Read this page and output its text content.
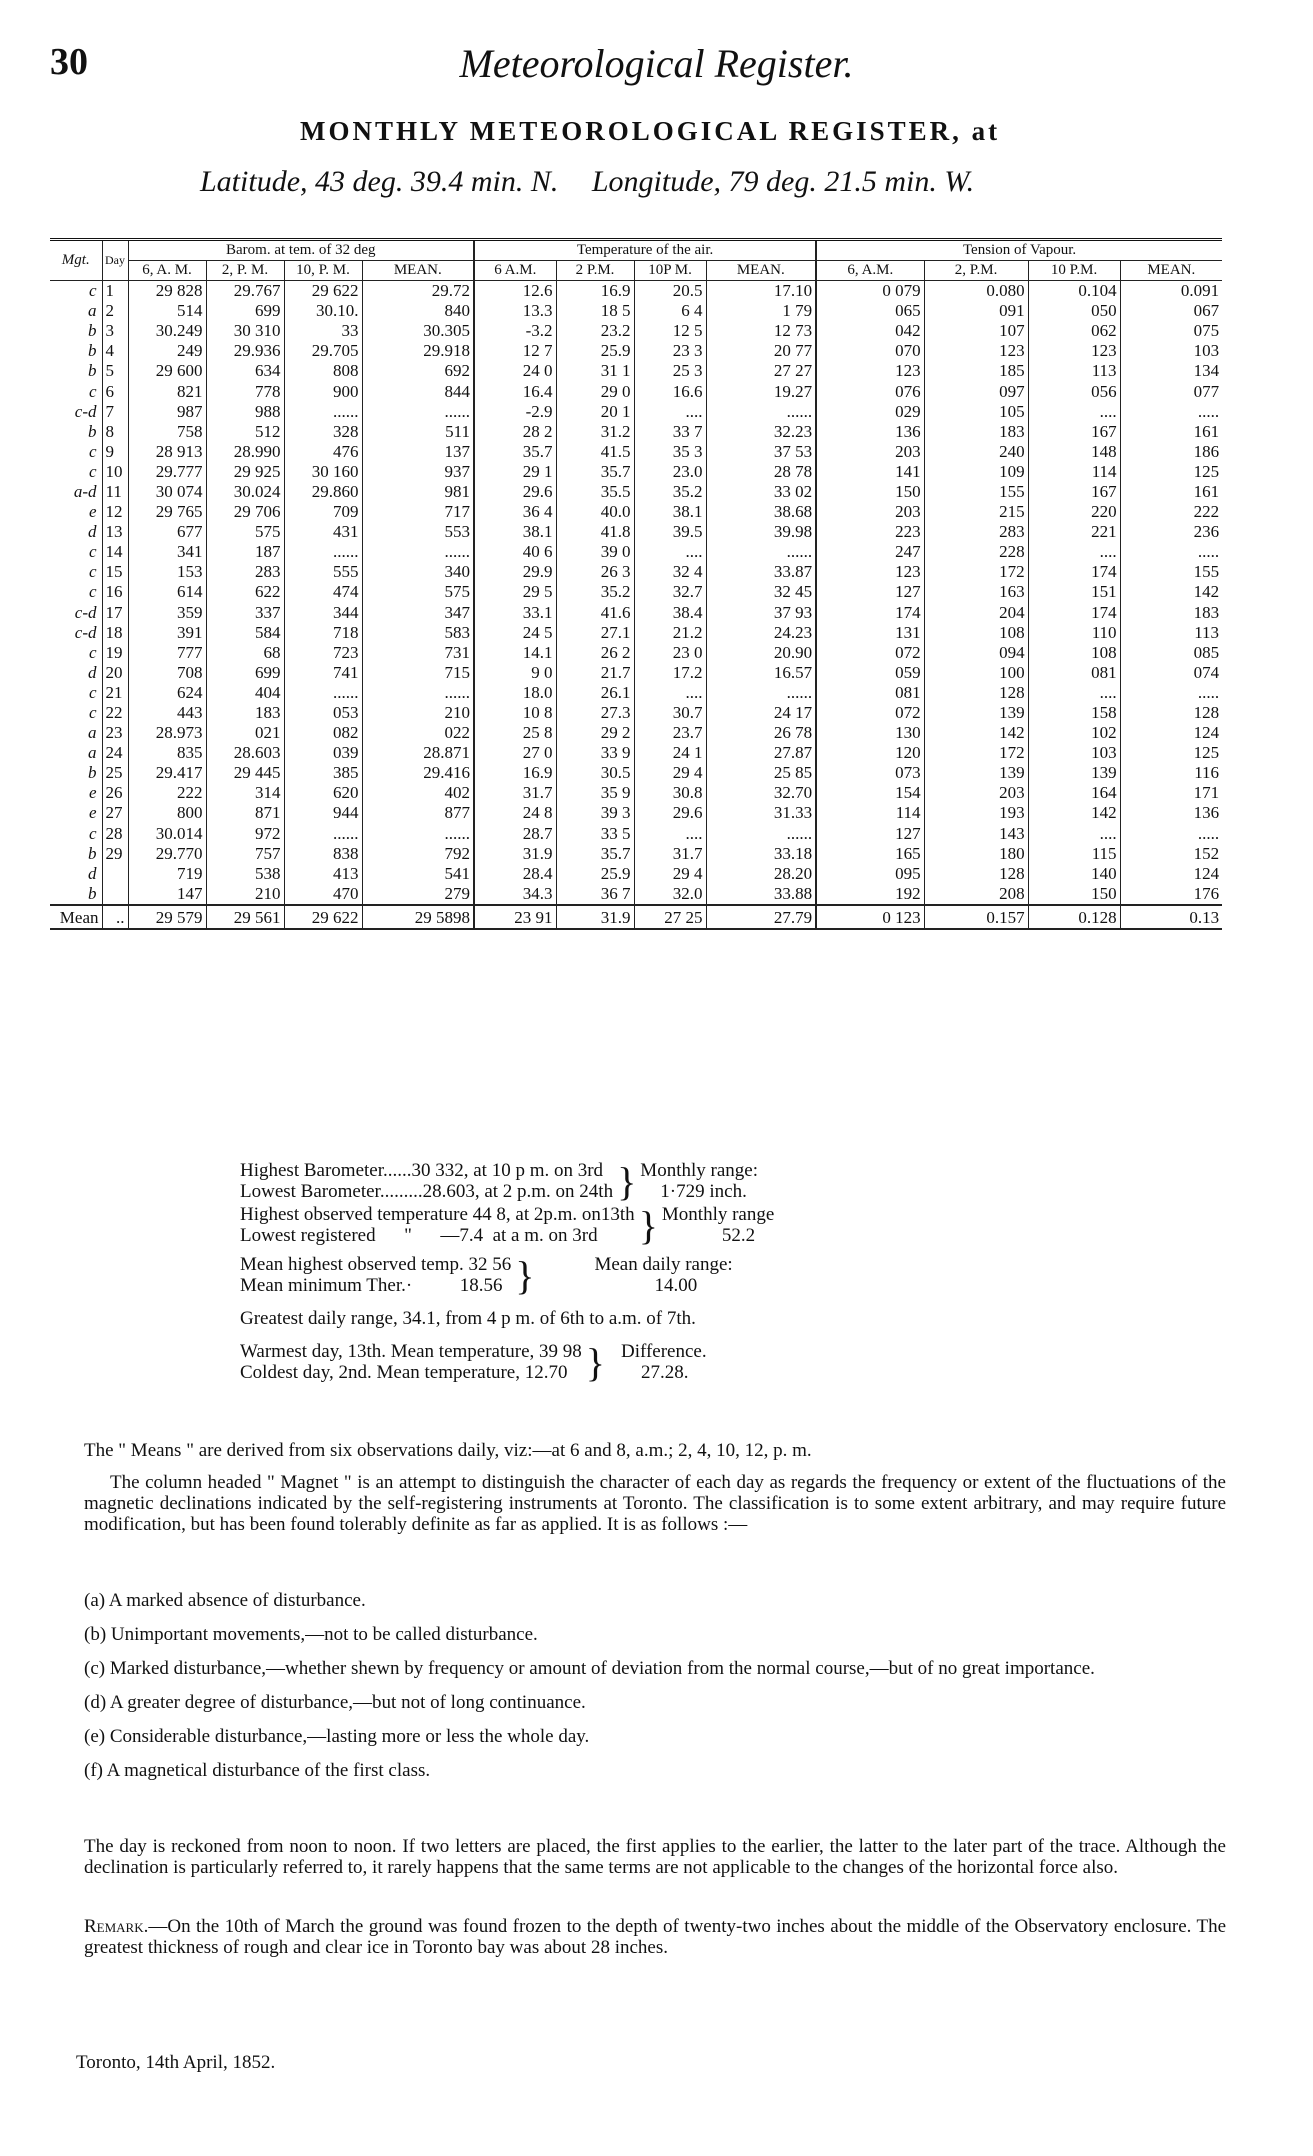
30	Meteorological Register.
MONTHLY METEOROLOGICAL REGISTER, at
Latitude, 43 deg. 39.4 min. N. Longitude, 79 deg. 21.5 min. W.
Mgt.	Day	Barom. at tem. of 32 deg				Temperature of the air.				Tension of Vapour.			
		6, A. M.	2, P. M.	10, P. M.	MEAN.	6 A.M.	2 P.M.	10P M.	MEAN.	6, A.M.	2, P.M.	10 P.M.	MEAN.
c	1	29 828	29.767	29 622	29.72	12.6	16.9	20.5	17.10	0 079	0.080	0.104	0.091
a	2	514	699	30.10.	840	13.3	18 5	6 4	1 79	065	091	050	067
b	3	30.249	30 310	33	30.305	-3.2	23.2	12 5	12 73	042	107	062	075
b	4	249	29.936	29.705	29.918	12 7	25.9	23 3	20 77	070	123	123	103
b	5	29 600	634	808	692	24 0	31 1	25 3	27 27	123	185	113	134
c	6	821	778	900	844	16.4	29 0	16.6	19.27	076	097	056	077
c-d	7	987	988	......	......	-2.9	20 1	....	......	029	105	....	.....
b	8	758	512	328	511	28 2	31.2	33 7	32.23	136	183	167	161
c	9	28 913	28.990	476	137	35.7	41.5	35 3	37 53	203	240	148	186
c	10	29.777	29 925	30 160	937	29 1	35.7	23.0	28 78	141	109	114	125
a-d	11	30 074	30.024	29.860	981	29.6	35.5	35.2	33 02	150	155	167	161
e	12	29 765	29 706	709	717	36 4	40.0	38.1	38.68	203	215	220	222
d	13	677	575	431	553	38.1	41.8	39.5	39.98	223	283	221	236
c	14	341	187	......	......	40 6	39 0	....	......	247	228	....	.....
c	15	153	283	555	340	29.9	26 3	32 4	33.87	123	172	174	155
c	16	614	622	474	575	29 5	35.2	32.7	32 45	127	163	151	142
c-d	17	359	337	344	347	33.1	41.6	38.4	37 93	174	204	174	183
c-d	18	391	584	718	583	24 5	27.1	21.2	24.23	131	108	110	113
c	19	777	68	723	731	14.1	26 2	23 0	20.90	072	094	108	085
d	20	708	699	741	715	9 0	21.7	17.2	16.57	059	100	081	074
c	21	624	404	......	......	18.0	26.1	....	......	081	128	....	.....
c	22	443	183	053	210	10 8	27.3	30.7	24 17	072	139	158	128
a	23	28.973	021	082	022	25 8	29 2	23.7	26 78	130	142	102	124
a	24	835	28.603	039	28.871	27 0	33 9	24 1	27.87	120	172	103	125
b	25	29.417	29 445	385	29.416	16.9	30.5	29 4	25 85	073	139	139	116
e	26	222	314	620	402	31.7	35 9	30.8	32.70	154	203	164	171
e	27	800	871	944	877	24 8	39 3	29.6	31.33	114	193	142	136
c	28	30.014	972	......	......	28.7	33 5	....	......	127	143	....	.....
b	29	29.770	757	838	792	31.9	35.7	31.7	33.18	165	180	115	152
d		719	538	413	541	28.4	25.9	29 4	28.20	095	128	140	124
b		147	210	470	279	34.3	36 7	32.0	33.88	192	208	150	176
Mean	..	29 579	29 561	29 622	29 5898	23 91	31.9	27 25	27.79	0 123	0.157	0.128	0.13
Highest Barometer......30 332, at 10 p m. on 3rd
Lowest Barometer.........28.603, at 2 p.m. on 24th } Monthly range:
1·729 inch.
Highest observed temperature 44 8, at 2p.m. on13th
Lowest registered      "      —7.4  at a m. on 3rd	} Monthly range
52.2
Mean highest observed temp. 32 56
Mean minimum Ther.·          18.56 }	Mean daily range:
14.00
Greatest daily range, 34.1, from 4 p m. of 6th to a.m. of 7th.
Warmest day, 13th. Mean temperature, 39 98
Coldest day, 2nd. Mean temperature, 12.70 } Difference.
27.28.
The " Means " are derived from six observations daily, viz:—at 6 and 8, a.m.; 2, 4, 10, 12, p. m.
The column headed " Magnet " is an attempt to distinguish the character of each day as regards the frequency or extent of the fluctuations of the magnetic declinations indicated by the self-registering instruments at Toronto. The classification is to some extent arbitrary, and may require future modification, but has been found tolerably definite as far as applied. It is as follows :—
(a) A marked absence of disturbance.
(b) Unimportant movements,—not to be called disturbance.
(c) Marked disturbance,—whether shewn by frequency or amount of deviation from the normal course,—but of no great importance.
(d) A greater degree of disturbance,—but not of long continuance.
(e) Considerable disturbance,—lasting more or less the whole day.
(f) A magnetical disturbance of the first class.
The day is reckoned from noon to noon. If two letters are placed, the first applies to the earlier, the latter to the later part of the trace. Although the declination is particularly referred to, it rarely happens that the same terms are not applicable to the changes of the horizontal force also.
Remark.—On the 10th of March the ground was found frozen to the depth of twenty-two inches about the middle of the Observatory enclosure. The greatest thickness of rough and clear ice in Toronto bay was about 28 inches.
Toronto, 14th April, 1852.
